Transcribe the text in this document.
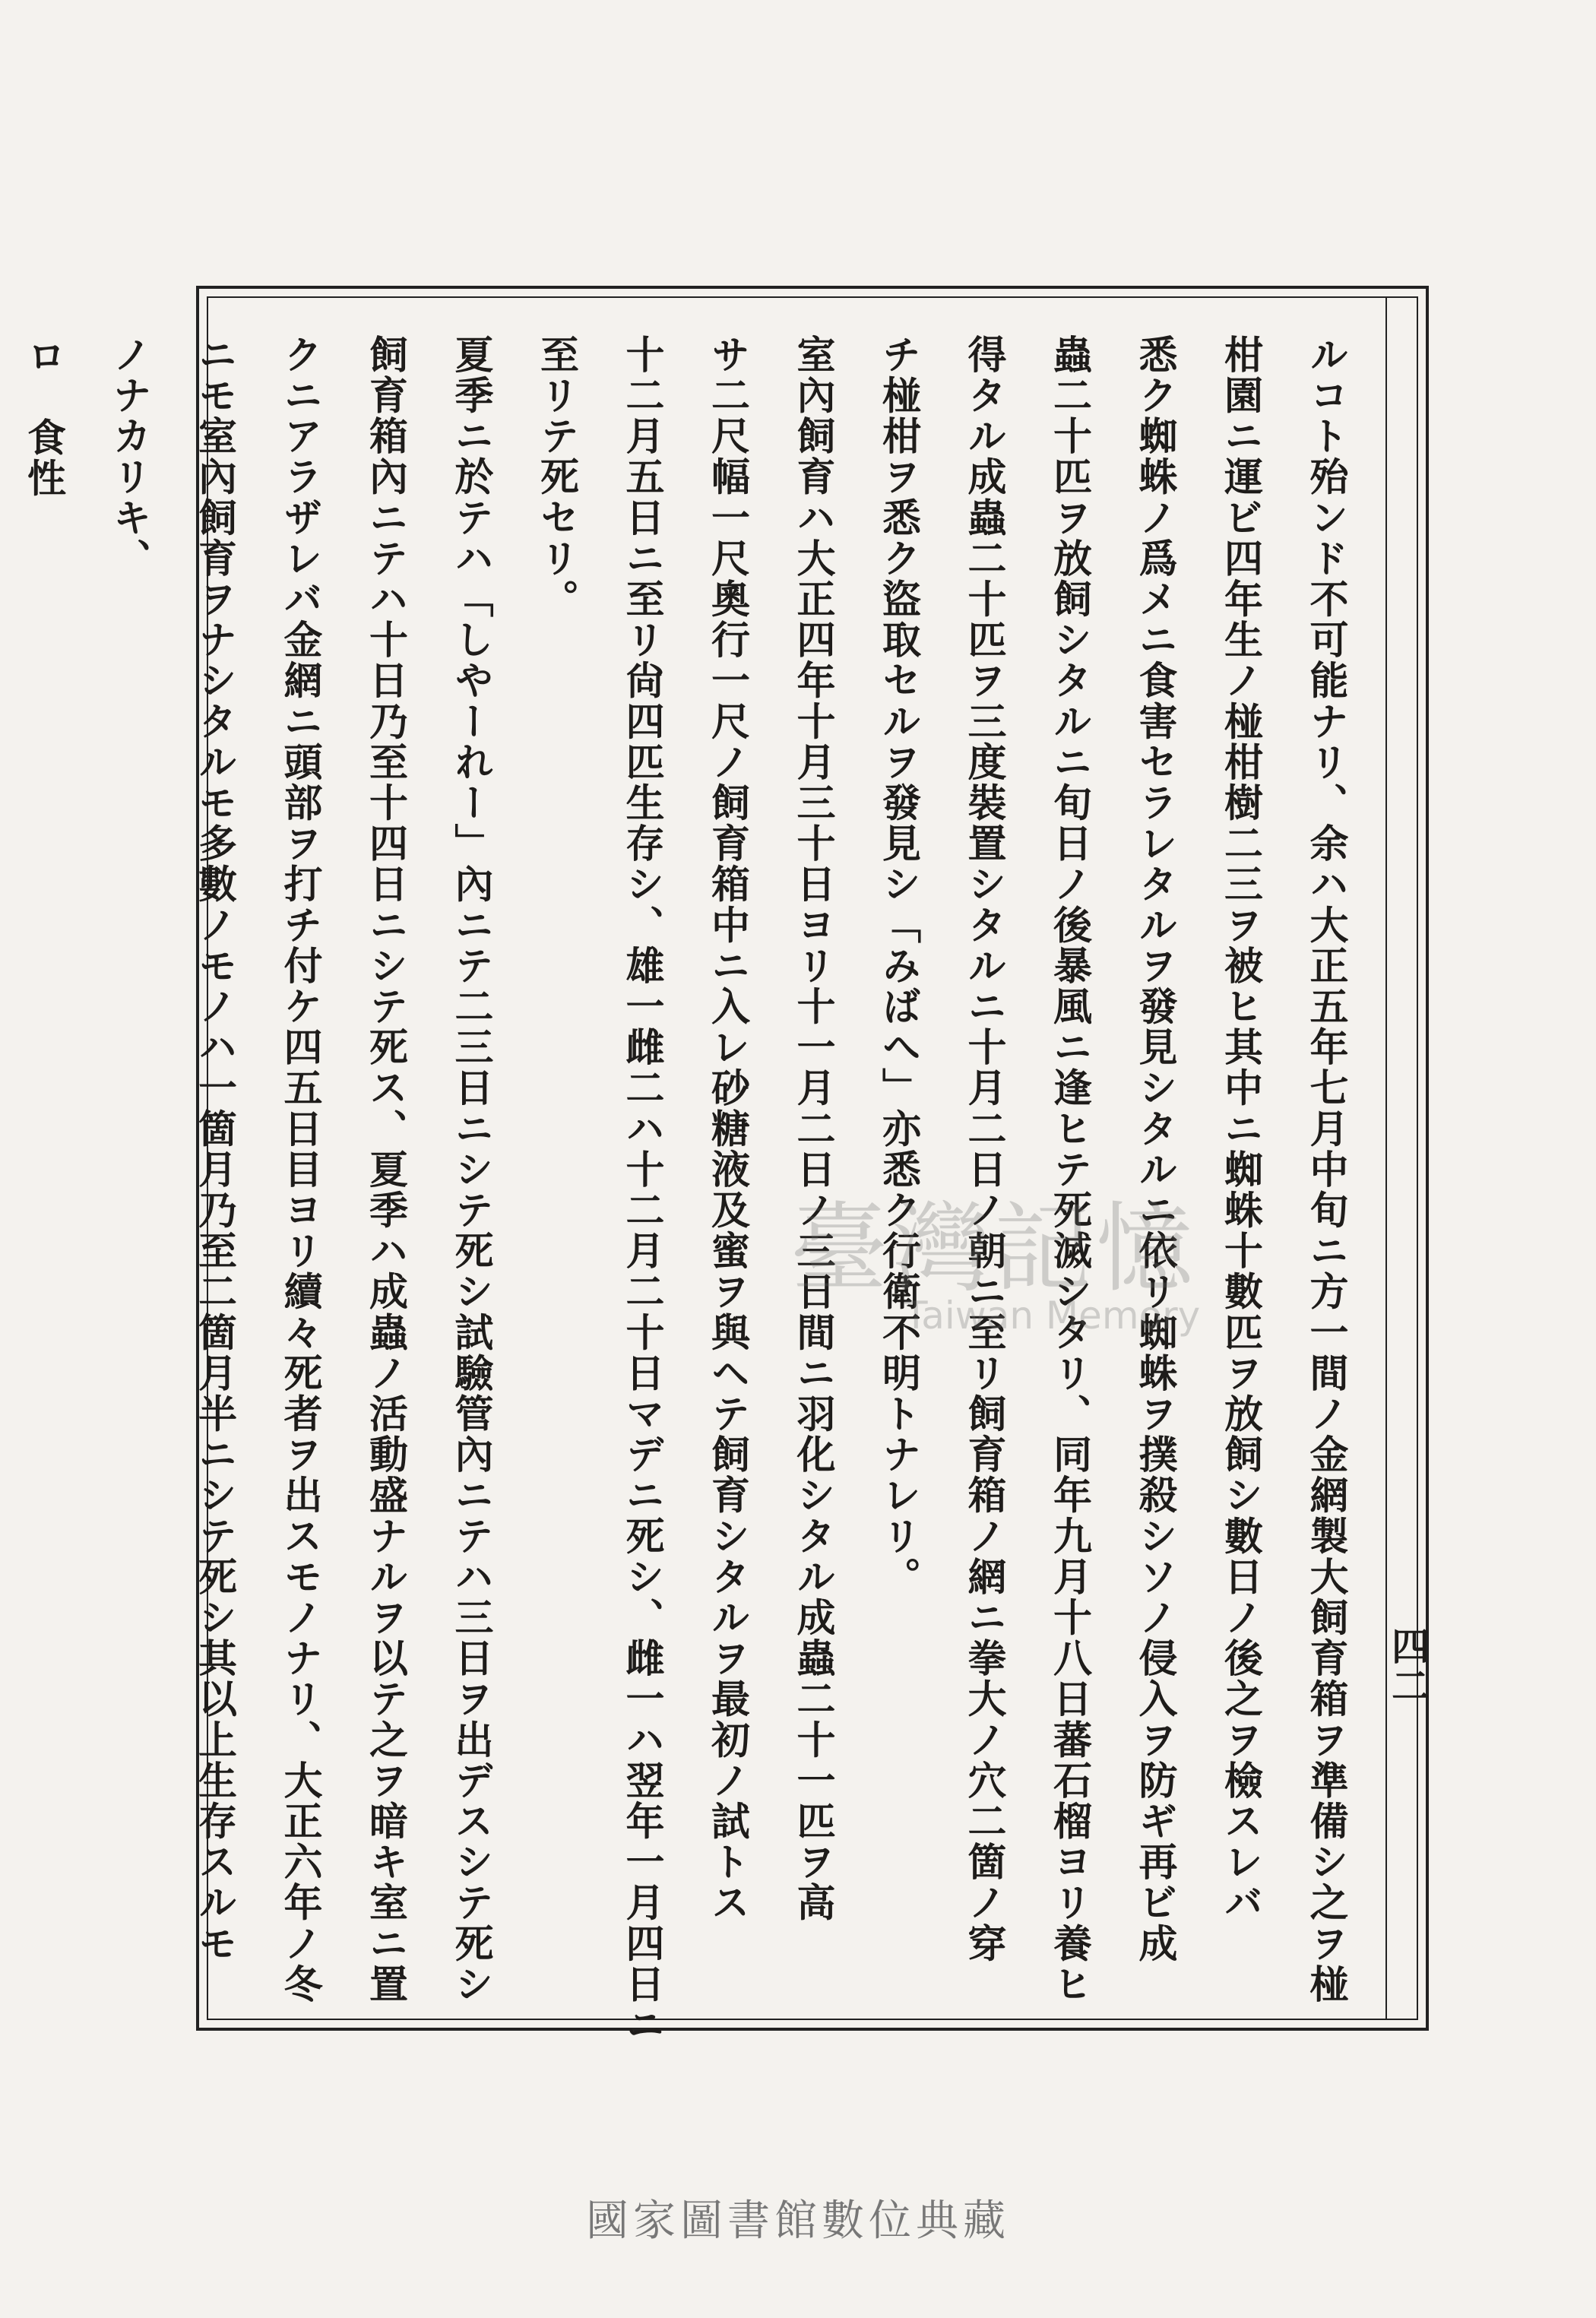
四二
ルコト殆ンド不可能ナリ、余ハ大正五年七月中旬ニ方一間ノ金網製大飼育箱ヲ準備シ之ヲ椪
柑園ニ運ビ四年生ノ椪柑樹二三ヲ被ヒ其中ニ蜘蛛十數匹ヲ放飼シ數日ノ後之ヲ檢スレバ
悉ク蜘蛛ノ爲メニ食害セラレタルヲ發見シタルニ依リ蜘蛛ヲ撲殺シソノ侵入ヲ防ギ再ビ成
蟲二十匹ヲ放飼シタルニ旬日ノ後暴風ニ逢ヒテ死滅シタリ、同年九月十八日蕃石榴ヨリ養ヒ
得タル成蟲二十匹ヲ三度裝置シタルニ十月二日ノ朝ニ至リ飼育箱ノ網ニ拳大ノ穴二箇ノ穿
チ椪柑ヲ悉ク盜取セルヲ發見シ「みばへ」亦悉ク行衛不明トナレリ。
室內飼育ハ大正四年十月三十日ヨリ十一月二日ノ三日間ニ羽化シタル成蟲二十一匹ヲ高
サ二尺幅一尺奧行一尺ノ飼育箱中ニ入レ砂糖液及蜜ヲ與ヘテ飼育シタルヲ最初ノ試トス
十二月五日ニ至リ尙四匹生存シ、雄一雌二ハ十二月二十日マデニ死シ、雌一ハ翌年一月四日ニ
至リテ死セリ。
夏季ニ於テハ「しやーれー」內ニテ二三日ニシテ死シ試驗管內ニテハ三日ヲ出デスシテ死シ
飼育箱內ニテハ十日乃至十四日ニシテ死ス、夏季ハ成蟲ノ活動盛ナルヲ以テ之ヲ暗キ室ニ置
クニアラザレバ金網ニ頭部ヲ打チ付ケ四五日目ヨリ續々死者ヲ出スモノナリ、大正六年ノ冬
ニモ室內飼育ヲナシタルモ多數ノモノハ一箇月乃至二箇月半ニシテ死シ其以上生存スルモ
ノナカリキ、
ロ　食性
臺灣記憶
Taiwan Memory
國家圖書館數位典藏
